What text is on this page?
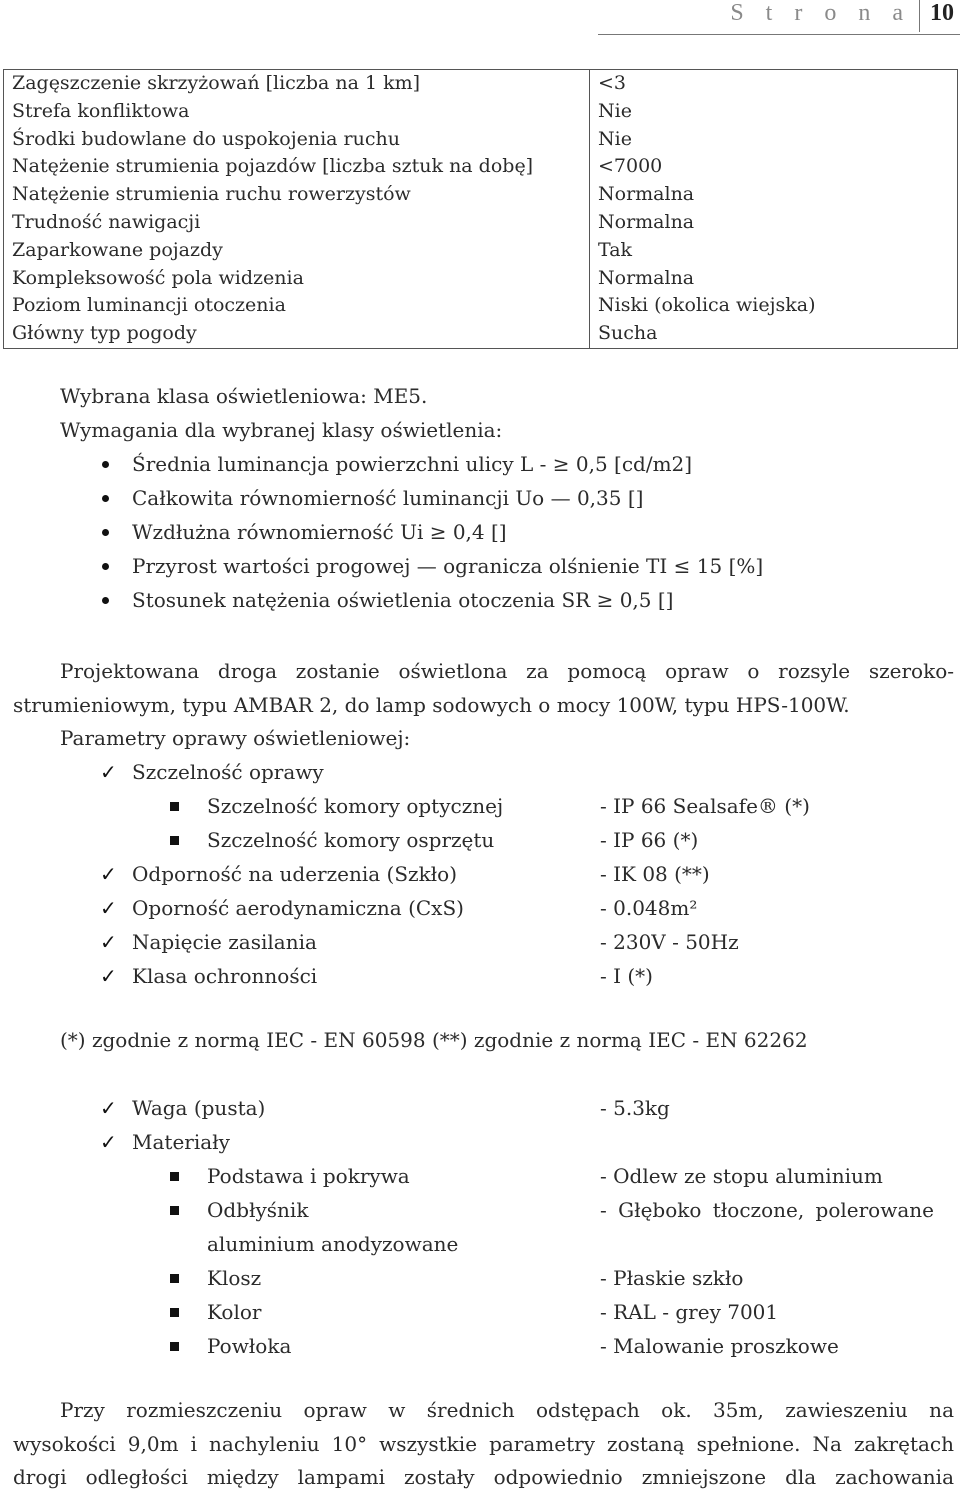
S t r o n a 10
Zagęszczenie skrzyżowań [liczba na 1 km]	<3
Strefa konfliktowa	Nie
Środki budowlane do uspokojenia ruchu	Nie
Natężenie strumienia pojazdów [liczba sztuk na dobę]	<7000
Natężenie strumienia ruchu rowerzystów	Normalna
Trudność nawigacji	Normalna
Zaparkowane pojazdy	Tak
Kompleksowość pola widzenia	Normalna
Poziom luminancji otoczenia	Niski (okolica wiejska)
Główny typ pogody	Sucha
Wybrana klasa oświetleniowa: ME5.
Wymagania dla wybranej klasy oświetlenia:
Średnia luminancja powierzchni ulicy L - ≥ 0,5 [cd/m2]
Całkowita równomierność luminancji Uo — 0,35 []
Wzdłużna równomierność Ui ≥ 0,4 []
Przyrost wartości progowej — ogranicza olśnienie TI ≤ 15 [%]
Stosunek natężenia oświetlenia otoczenia SR ≥ 0,5 []
Projektowana droga zostanie oświetlona za pomocą opraw o rozsyle szeroko-
strumieniowym, typu AMBAR 2, do lamp sodowych o mocy 100W, typu HPS-100W.
Parametry oprawy oświetleniowej:
✓ Szczelność oprawy
Szczelność komory optycznej	- IP 66 Sealsafe® (*)
Szczelność komory osprzętu	- IP 66 (*)
✓ Odporność na uderzenia (Szkło)	- IK 08 (**)
✓ Oporność aerodynamiczna (CxS)	- 0.048m²
✓ Napięcie zasilania	- 230V - 50Hz
✓ Klasa ochronności	- I (*)
(*) zgodnie z normą IEC - EN 60598 (**) zgodnie z normą IEC - EN 62262
✓ Waga (pusta)	- 5.3kg
✓ Materiały
Podstawa i pokrywa	- Odlew ze stopu aluminium
Odbłyśnik	- Głęboko tłoczone, polerowane
aluminium anodyzowane
Klosz	- Płaskie szkło
Kolor	- RAL - grey 7001
Powłoka	- Malowanie proszkowe
Przy rozmieszczeniu opraw w średnich odstępach ok. 35m, zawieszeniu na
wysokości 9,0m i nachyleniu 10° wszystkie parametry zostaną spełnione. Na zakrętach
drogi odległości między lampami zostały odpowiednio zmniejszone dla zachowania
